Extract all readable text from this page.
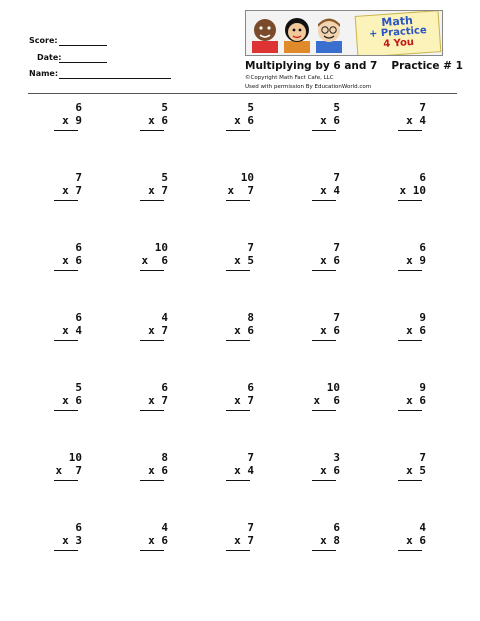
Score:
Date:
Name:
Math
+ Practice
4 You
Multiplying by 6 and 7 Practice # 1
©Copyright Math Fact Cafe, LLC
Used with permission By EducationWorld.com
6
x 9
5
x 6
5
x 6
5
x 6
7
x 4
7
x 7
5
x 7
10
x  7
7
x 4
6
x 10
6
x 6
10
x  6
7
x 5
7
x 6
6
x 9
6
x 4
4
x 7
8
x 6
7
x 6
9
x 6
5
x 6
6
x 7
6
x 7
10
x  6
9
x 6
10
x  7
8
x 6
7
x 4
3
x 6
7
x 5
6
x 3
4
x 6
7
x 7
6
x 8
4
x 6
